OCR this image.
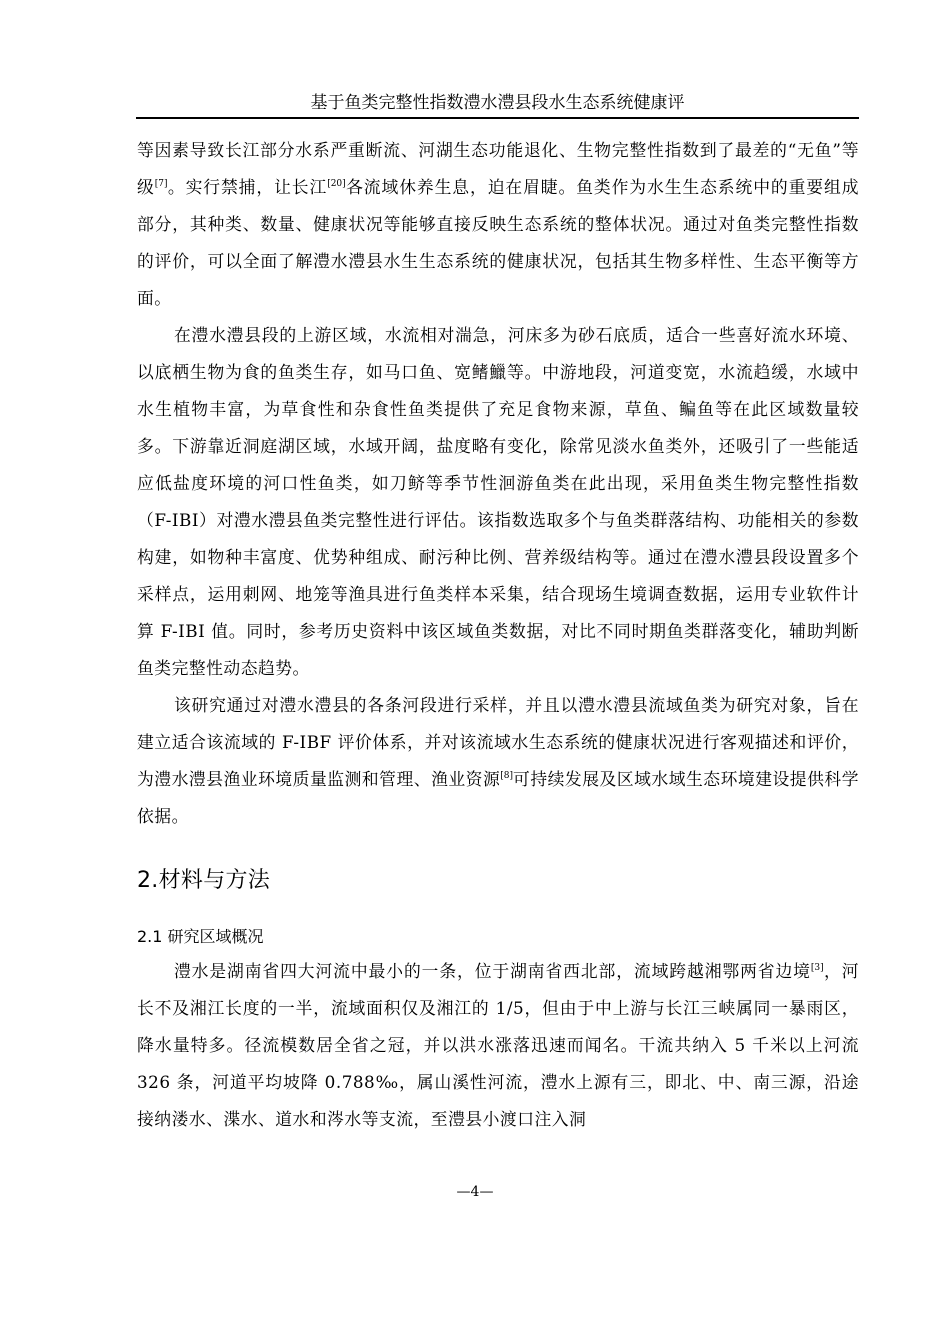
基于鱼类完整性指数澧水澧县段水生态系统健康评

等因素导致长江部分水系严重断流、河湖生态功能退化、生物完整性指数到了最差的“无鱼”等级[7]。实行禁捕，让长江[20]各流域休养生息，迫在眉睫。鱼类作为水生生态系统中的重要组成部分，其种类、数量、健康状况等能够直接反映生态系统的整体状况。通过对鱼类完整性指数的评价，可以全面了解澧水澧县水生生态系统的健康状况，包括其生物多样性、生态平衡等方面。

在澧水澧县段的上游区域，水流相对湍急，河床多为砂石底质，适合一些喜好流水环境、以底栖生物为食的鱼类生存，如马口鱼、宽鳍鱲等。中游地段，河道变宽，水流趋缓，水域中水生植物丰富，为草食性和杂食性鱼类提供了充足食物来源，草鱼、鳊鱼等在此区域数量较多。下游靠近洞庭湖区域，水域开阔，盐度略有变化，除常见淡水鱼类外，还吸引了一些能适应低盐度环境的河口性鱼类，如刀鲚等季节性洄游鱼类在此出现，采用鱼类生物完整性指数（F-IBI）对澧水澧县鱼类完整性进行评估。该指数选取多个与鱼类群落结构、功能相关的参数构建，如物种丰富度、优势种组成、耐污种比例、营养级结构等。通过在澧水澧县段设置多个采样点，运用刺网、地笼等渔具进行鱼类样本采集，结合现场生境调查数据，运用专业软件计算 F-IBI 值。同时，参考历史资料中该区域鱼类数据，对比不同时期鱼类群落变化，辅助判断鱼类完整性动态趋势。

该研究通过对澧水澧县的各条河段进行采样，并且以澧水澧县流域鱼类为研究对象，旨在建立适合该流域的 F-IBF 评价体系，并对该流域水生态系统的健康状况进行客观描述和评价，为澧水澧县渔业环境质量监测和管理、渔业资源[8]可持续发展及区域水域生态环境建设提供科学依据。

2.材料与方法
2.1 研究区域概况

澧水是湖南省四大河流中最小的一条，位于湖南省西北部，流域跨越湘鄂两省边境[3]，河长不及湘江长度的一半，流域面积仅及湘江的 1/5，但由于中上游与长江三峡属同一暴雨区，降水量特多。径流模数居全省之冠，并以洪水涨落迅速而闻名。干流共纳入 5 千米以上河流 326 条，河道平均坡降 0.788‰，属山溪性河流，澧水上源有三，即北、中、南三源，沿途接纳溇水、渫水、道水和涔水等支流，至澧县小渡口注入洞

—4—
